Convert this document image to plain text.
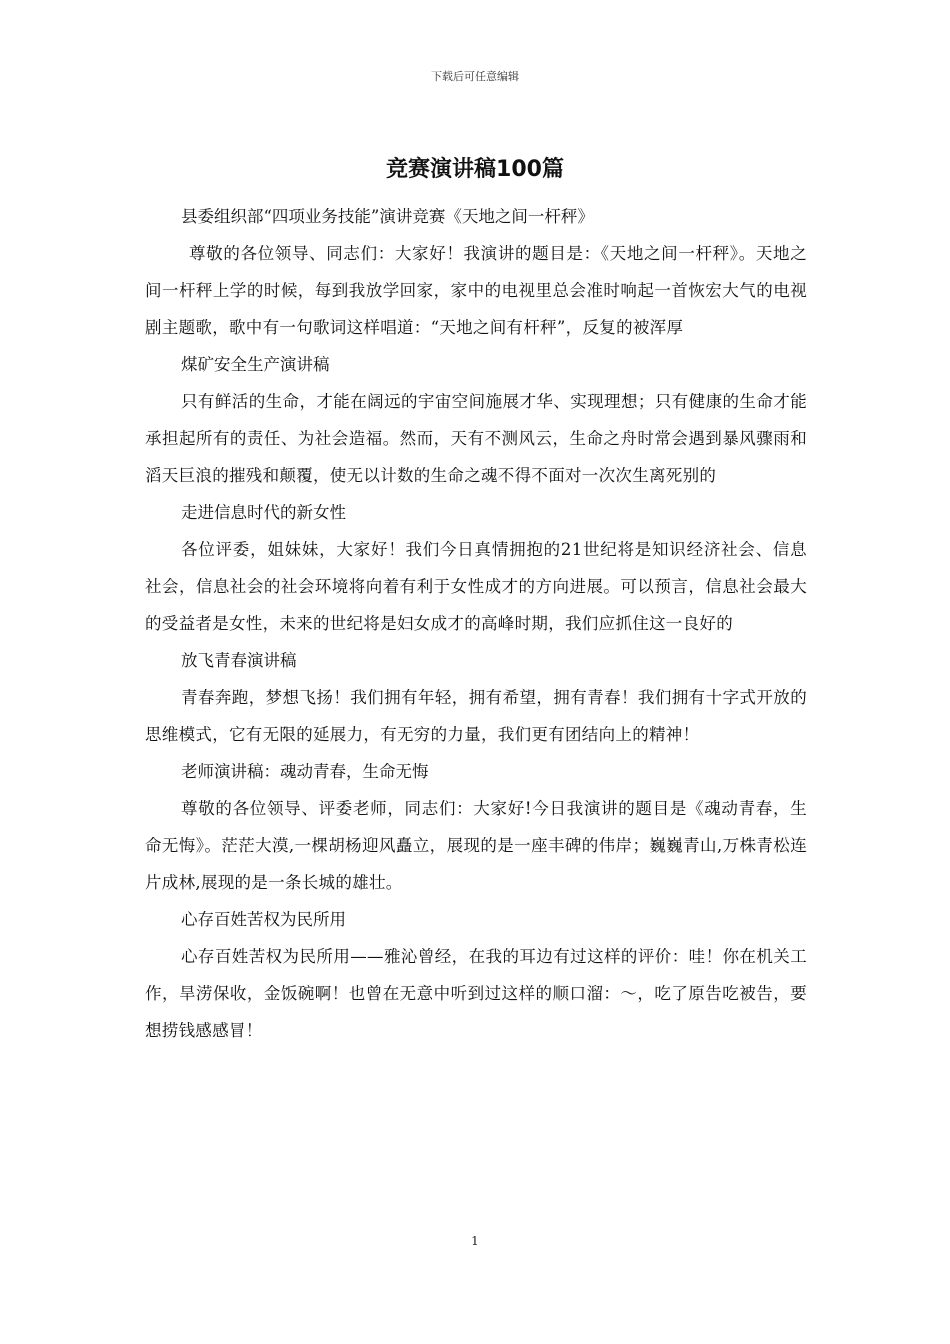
下载后可任意编辑
竞赛演讲稿100篇
县委组织部“四项业务技能”演讲竞赛《天地之间一杆秤》

尊敬的各位领导、同志们：大家好！我演讲的题目是：《天地之间一杆秤》。天地之间一杆秤上学的时候，每到我放学回家，家中的电视里总会准时响起一首恢宏大气的电视剧主题歌，歌中有一句歌词这样唱道：“天地之间有杆秤”，反复的被浑厚

煤矿安全生产演讲稿

只有鲜活的生命，才能在阔远的宇宙空间施展才华、实现理想；只有健康的生命才能承担起所有的责任、为社会造福。然而，天有不测风云，生命之舟时常会遇到暴风骤雨和滔天巨浪的摧残和颠覆，使无以计数的生命之魂不得不面对一次次生离死别的

走进信息时代的新女性

各位评委，姐妹妹，大家好！我们今日真情拥抱的21世纪将是知识经济社会、信息社会，信息社会的社会环境将向着有利于女性成才的方向进展。可以预言，信息社会最大的受益者是女性，未来的世纪将是妇女成才的高峰时期，我们应抓住这一良好的

放飞青春演讲稿

青春奔跑，梦想飞扬！我们拥有年轻，拥有希望，拥有青春！我们拥有十字式开放的思维模式，它有无限的延展力，有无穷的力量，我们更有团结向上的精神！

老师演讲稿：魂动青春，生命无悔

尊敬的各位领导、评委老师，同志们：大家好!今日我演讲的题目是《魂动青春，生命无悔》。茫茫大漠,一棵胡杨迎风矗立，展现的是一座丰碑的伟岸；巍巍青山,万株青松连片成林,展现的是一条长城的雄壮。

心存百姓苦权为民所用

心存百姓苦权为民所用——雅沁曾经，在我的耳边有过这样的评价：哇！你在机关工作，旱涝保收，金饭碗啊！也曾在无意中听到过这样的顺口溜：～，吃了原告吃被告，要想捞钱感感冒！

1
